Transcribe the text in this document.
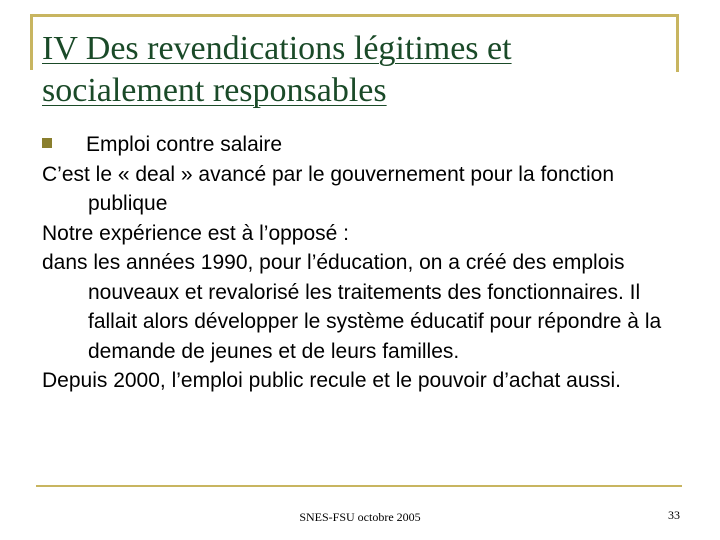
IV Des revendications légitimes et
socialement responsables

Emploi contre salaire

C’est le « deal » avancé par le gouvernement pour la fonction publique

Notre expérience est à l’opposé :

dans les années 1990, pour l’éducation, on a créé des emplois nouveaux et revalorisé les traitements des fonctionnaires. Il fallait alors développer le système éducatif pour répondre à la demande de jeunes et de leurs familles.

Depuis 2000, l’emploi public recule et le pouvoir d’achat aussi.

SNES-FSU octobre 2005	33
